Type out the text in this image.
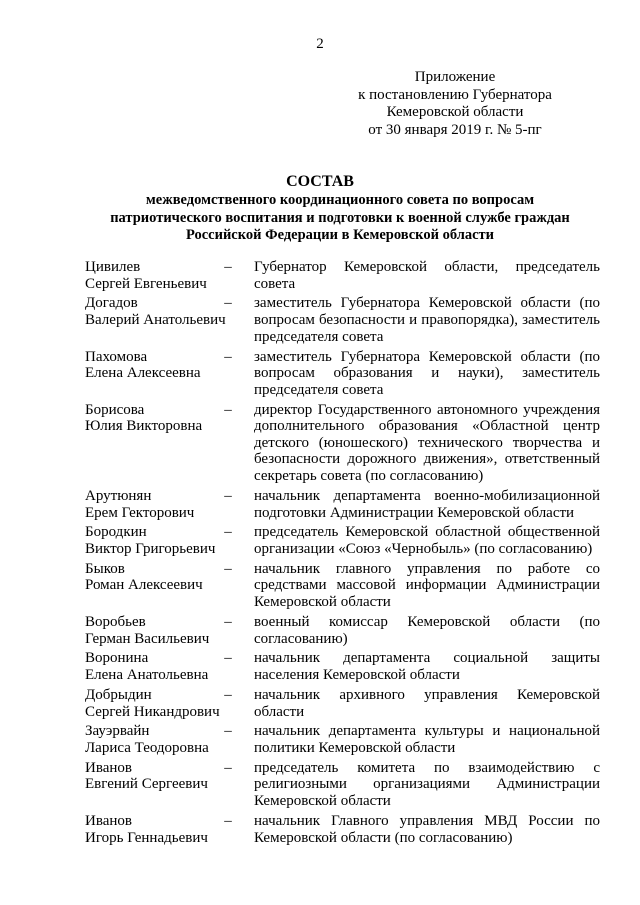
2
Приложение
к постановлению Губернатора
Кемеровской области
от 30 января 2019 г. № 5-пг
СОСТАВ
межведомственного координационного совета по вопросам
патриотического воспитания и подготовки к военной службе граждан
Российской Федерации в Кемеровской области
Цивилев
Сергей Евгеньевич
– Губернатор Кемеровской области, председатель совета
Догадов
Валерий Анатольевич
– заместитель Губернатора Кемеровской области (по вопросам безопасности и правопорядка), заместитель председателя совета
Пахомова
Елена Алексеевна
– заместитель Губернатора Кемеровской области (по вопросам образования и науки), заместитель председателя совета
Борисова
Юлия Викторовна
– директор Государственного автономного учреждения дополнительного образования «Областной центр детского (юношеского) технического творчества и безопасности дорожного движения», ответственный секретарь совета (по согласованию)
Арутюнян
Ерем Гекторович
– начальник департамента военно-мобилизационной подготовки Администрации Кемеровской области
Бородкин
Виктор Григорьевич
– председатель Кемеровской областной общественной организации «Союз «Чернобыль» (по согласованию)
Быков
Роман Алексеевич
– начальник главного управления по работе со средствами массовой информации Администрации Кемеровской области
Воробьев
Герман Васильевич
– военный комиссар Кемеровской области (по согласованию)
Воронина
Елена Анатольевна
– начальник департамента социальной защиты населения Кемеровской области
Добрыдин
Сергей Никандрович
– начальник архивного управления Кемеровской области
Зауэрвайн
Лариса Теодоровна
– начальник департамента культуры и национальной политики Кемеровской области
Иванов
Евгений Сергеевич
– председатель комитета по взаимодействию с религиозными организациями Администрации Кемеровской области
Иванов
Игорь Геннадьевич
– начальник Главного управления МВД России по Кемеровской области (по согласованию)
